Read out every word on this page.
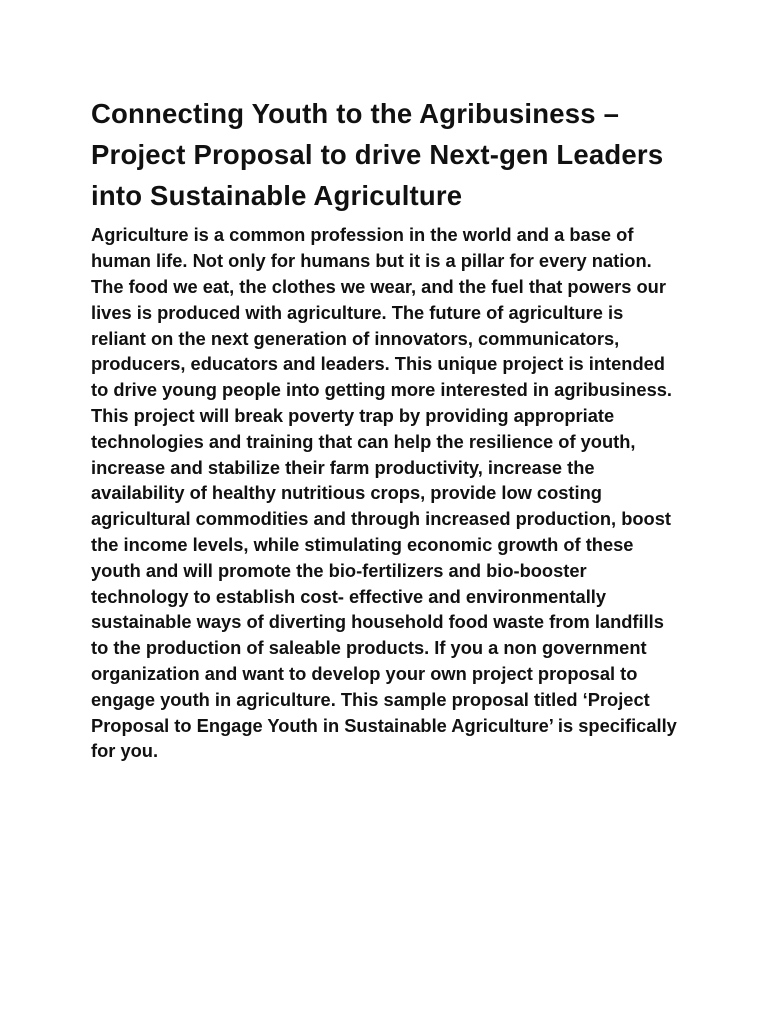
Connecting Youth to the Agribusiness – Project Proposal to drive Next-gen Leaders into Sustainable Agriculture

Agriculture is a common profession in the world and a base of human life. Not only for humans but it is a pillar for every nation. The food we eat, the clothes we wear, and the fuel that powers our lives is produced with agriculture. The future of agriculture is reliant on the next generation of innovators, communicators, producers, educators and leaders. This unique project is intended to drive young people into getting more interested in agribusiness. This project will break poverty trap by providing appropriate technologies and training that can help the resilience of youth, increase and stabilize their farm productivity, increase the availability of healthy nutritious crops, provide low costing agricultural commodities and through increased production, boost the income levels, while stimulating economic growth of these youth and will promote the bio-fertilizers and bio-booster technology to establish cost- effective and environmentally sustainable ways of diverting household food waste from landfills to the production of saleable products. If you a non government organization and want to develop your own project proposal to engage youth in agriculture. This sample proposal titled ‘Project Proposal to Engage Youth in Sustainable Agriculture’ is specifically for you.
